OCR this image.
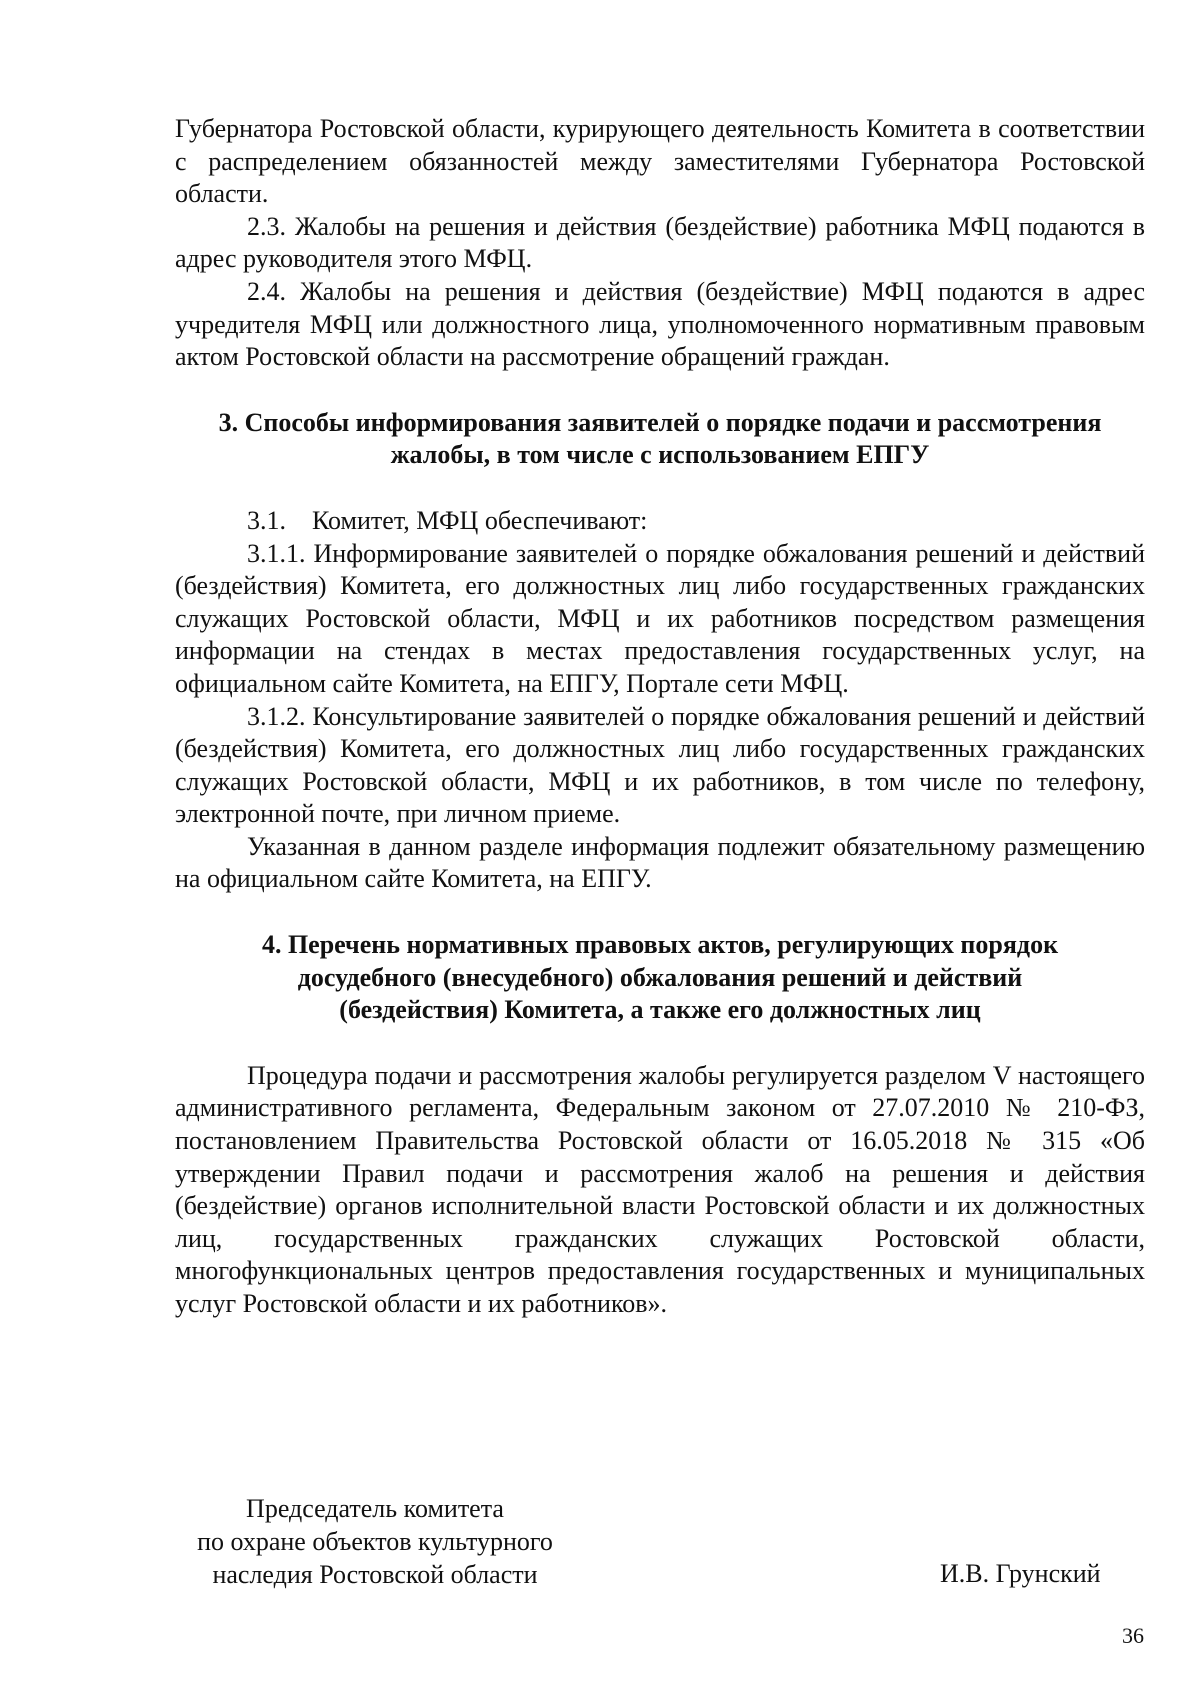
Губернатора Ростовской области, курирующего деятельность Комитета в соответствии с распределением обязанностей между заместителями Губернатора Ростовской области.

2.3. Жалобы на решения и действия (бездействие) работника МФЦ подаются в адрес руководителя этого МФЦ.

2.4. Жалобы на решения и действия (бездействие) МФЦ подаются в адрес учредителя МФЦ или должностного лица, уполномоченного нормативным правовым актом Ростовской области на рассмотрение обращений граждан.

3. Способы информирования заявителей о порядке подачи и рассмотрения жалобы, в том числе с использованием ЕПГУ

3.1.    Комитет, МФЦ обеспечивают:

3.1.1. Информирование заявителей о порядке обжалования решений и действий (бездействия) Комитета, его должностных лиц либо государственных гражданских служащих Ростовской области, МФЦ и их работников посредством размещения информации на стендах в местах предоставления государственных услуг, на официальном сайте Комитета, на ЕПГУ, Портале сети МФЦ.

3.1.2. Консультирование заявителей о порядке обжалования решений и действий (бездействия) Комитета, его должностных лиц либо государственных гражданских служащих Ростовской области, МФЦ и их работников, в том числе по телефону, электронной почте, при личном приеме.

Указанная в данном разделе информация подлежит обязательному размещению на официальном сайте Комитета, на ЕПГУ.

4. Перечень нормативных правовых актов, регулирующих порядок

досудебного (внесудебного) обжалования решений и действий

(бездействия) Комитета, а также его должностных лиц

Процедура подачи и рассмотрения жалобы регулируется разделом V настоящего административного регламента, Федеральным законом от 27.07.2010 № 210-ФЗ, постановлением Правительства Ростовской области от 16.05.2018 № 315 «Об утверждении Правил подачи и рассмотрения жалоб на решения и действия (бездействие) органов исполнительной власти Ростовской области и их должностных лиц, государственных гражданских служащих Ростовской области, многофункциональных центров предоставления государственных и муниципальных услуг Ростовской области и их работников».

Председатель комитета
по охране объектов культурного
наследия Ростовской области	И.В. Грунский
36
